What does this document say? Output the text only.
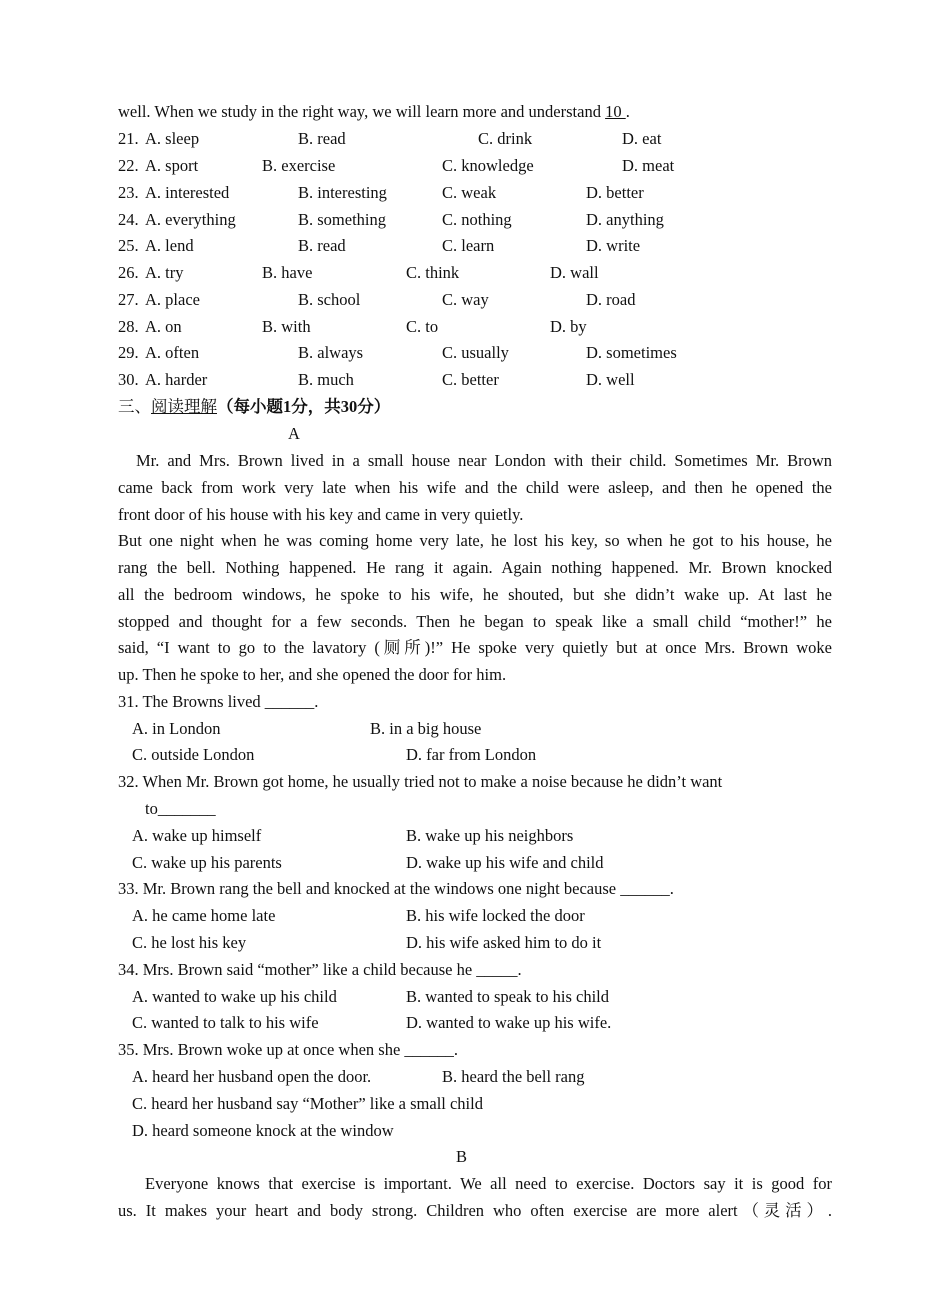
well. When we study in the right way, we will learn more and understand 10 .
21. A. sleep	B. read	C. drink	D. eat
22. A. sport	B. exercise	C. knowledge	D. meat
23. A. interested	B. interesting	C. weak	D. better
24. A. everything	B. something	C. nothing	D. anything
25. A. lend	B. read	C. learn	D. write
26. A. try	B. have	C. think	D. wall
27. A. place	B. school	C. way	D. road
28. A. on	B. with	C. to	D. by
29. A. often	B. always	C. usually	D. sometimes
30. A. harder	B. much	C. better	D. well
三、阅读理解（每小题1分，共30分）
A
Mr. and Mrs. Brown lived in a small house near London with their child. Sometimes Mr. Brown
came back from work very late when his wife and the child were asleep, and then he opened the
front door of his house with his key and came in very quietly.
But one night when he was coming home very late, he lost his key, so when he got to his house, he
rang the bell. Nothing happened. He rang it again. Again nothing happened. Mr. Brown knocked
all the bedroom windows, he spoke to his wife, he shouted, but she didn’t wake up. At last he
stopped and thought for a few seconds. Then he began to speak like a small child “mother!” he
said, “I want to go to the lavatory (厕所)!” He spoke very quietly but at once Mrs. Brown woke
up. Then he spoke to her, and she opened the door for him.
31. The Browns lived ______.
A. in London	B. in a big house
C. outside London	D. far from London
32. When Mr. Brown got home, he usually tried not to make a noise because he didn’t want
to_______
A. wake up himself	B. wake up his neighbors
C. wake up his parents	D. wake up his wife and child
33. Mr. Brown rang the bell and knocked at the windows one night because ______.
A. he came home late	B. his wife locked the door
C. he lost his key	D. his wife asked him to do it
34. Mrs. Brown said “mother” like a child because he _____.
A. wanted to wake up his child	B. wanted to speak to his child
C. wanted to talk to his wife	D. wanted to wake up his wife.
35. Mrs. Brown woke up at once when she ______.
A. heard her husband open the door.	B. heard the bell rang
C. heard her husband say “Mother” like a small child
D. heard someone knock at the window
B
Everyone knows that exercise is important. We all need to exercise. Doctors say it is good for
us. It makes your heart and body strong. Children who often exercise are more alert（灵活）.
